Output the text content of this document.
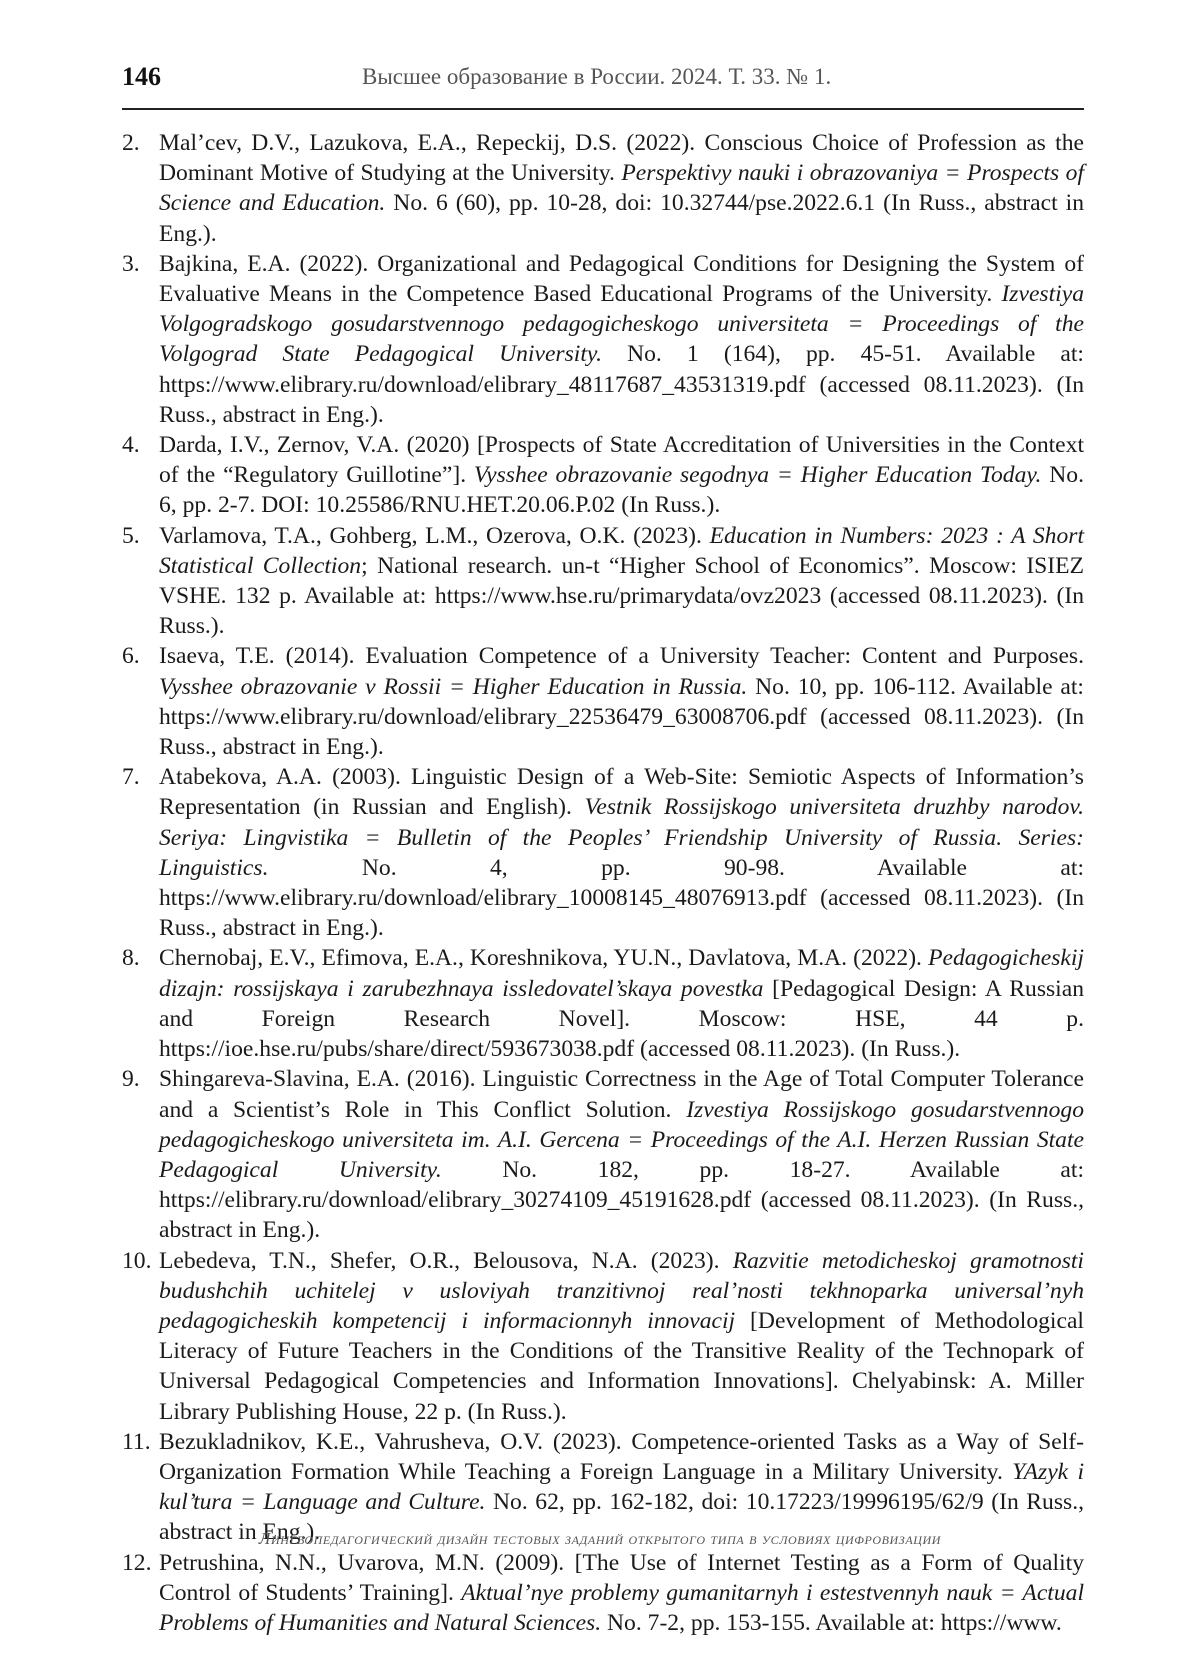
146	Высшее образование в России. 2024. Т. 33. № 1.
2. Mal’cev, D.V., Lazukova, E.A., Repeckij, D.S. (2022). Conscious Choice of Profession as the Dominant Motive of Studying at the University. Perspektivy nauki i obrazovaniya = Prospects of Science and Education. No. 6 (60), pp. 10-28, doi: 10.32744/pse.2022.6.1 (In Russ., abstract in Eng.).
3. Bajkina, E.A. (2022). Organizational and Pedagogical Conditions for Designing the System of Evaluative Means in the Competence Based Educational Programs of the University. Izvestiya Volgogradskogo gosudarstvennogo pedagogicheskogo universiteta = Proceedings of the Volgograd State Pedagogical University. No. 1 (164), pp. 45-51. Available at: https://www.elibrary.ru/download/elibrary_48117687_43531319.pdf (accessed 08.11.2023). (In Russ., abstract in Eng.).
4. Darda, I.V., Zernov, V.A. (2020) [Prospects of State Accreditation of Universities in the Context of the “Regulatory Guillotine”]. Vysshee obrazovanie segodnya = Higher Education Today. No. 6, pp. 2-7. DOI: 10.25586/RNU.HET.20.06.P.02 (In Russ.).
5. Varlamova, T.A., Gohberg, L.M., Ozerova, O.K. (2023). Education in Numbers: 2023 : A Short Statistical Collection; National research. un-t “Higher School of Economics”. Moscow: ISIEZ VSHE. 132 p. Available at: https://www.hse.ru/primarydata/ovz2023 (accessed 08.11.2023). (In Russ.).
6. Isaeva, T.E. (2014). Evaluation Competence of a University Teacher: Content and Purposes. Vysshee obrazovanie v Rossii = Higher Education in Russia. No. 10, pp. 106-112. Available at: https://www.elibrary.ru/download/elibrary_22536479_63008706.pdf (accessed 08.11.2023). (In Russ., abstract in Eng.).
7. Atabekova, A.A. (2003). Linguistic Design of a Web-Site: Semiotic Aspects of Information’s Representation (in Russian and English). Vestnik Rossijskogo universiteta druzhby narodov. Seriya: Lingvistika = Bulletin of the Peoples’ Friendship University of Russia. Series: Linguistics. No. 4, pp. 90-98. Available at: https://www.elibrary.ru/download/elibrary_10008145_48076913.pdf (accessed 08.11.2023). (In Russ., abstract in Eng.).
8. Chernobaj, E.V., Efimova, E.A., Koreshnikova, YU.N., Davlatova, M.A. (2022). Pedagogicheskij dizajn: rossijskaya i zarubezhnaya issledovatel’skaya povestka [Pedagogical Design: A Russian and Foreign Research Novel]. Moscow: HSE, 44 p. https://ioe.hse.ru/pubs/share/direct/593673038.pdf (accessed 08.11.2023). (In Russ.).
9. Shingareva-Slavina, E.A. (2016). Linguistic Correctness in the Age of Total Computer Tolerance and a Scientist’s Role in This Conflict Solution. Izvestiya Rossijskogo gosudarstvennogo pedagogicheskogo universiteta im. A.I. Gercena = Proceedings of the A.I. Herzen Russian State Pedagogical University. No. 182, pp. 18-27. Available at: https://elibrary.ru/download/elibrary_30274109_45191628.pdf (accessed 08.11.2023). (In Russ., abstract in Eng.).
10. Lebedeva, T.N., Shefer, O.R., Belousova, N.A. (2023). Razvitie metodicheskoj gramotnosti budushchih uchitelej v usloviyah tranzitivnoj real’nosti tekhnoparka universal’nyh pedagogicheskih kompetencij i informacionnyh innovacij [Development of Methodological Literacy of Future Teachers in the Conditions of the Transitive Reality of the Technopark of Universal Pedagogical Competencies and Information Innovations]. Chelyabinsk: A. Miller Library Publishing House, 22 p. (In Russ.).
11. Bezukladnikov, K.E., Vahrusheva, O.V. (2023). Competence-oriented Tasks as a Way of Self-Organization Formation While Teaching a Foreign Language in a Military University. YAzyk i kul’tura = Language and Culture. No. 62, pp. 162-182, doi: 10.17223/19996195/62/9 (In Russ., abstract in Eng.).
12. Petrushina, N.N., Uvarova, M.N. (2009). [The Use of Internet Testing as a Form of Quality Control of Students’ Training]. Aktual’nye problemy gumanitarnyh i estestvennyh nauk = Actual Problems of Humanities and Natural Sciences. No. 7-2, pp. 153-155. Available at: https://www.
Лингвопедагогический дизайн тестовых заданий открытого типа в условиях цифровизации
